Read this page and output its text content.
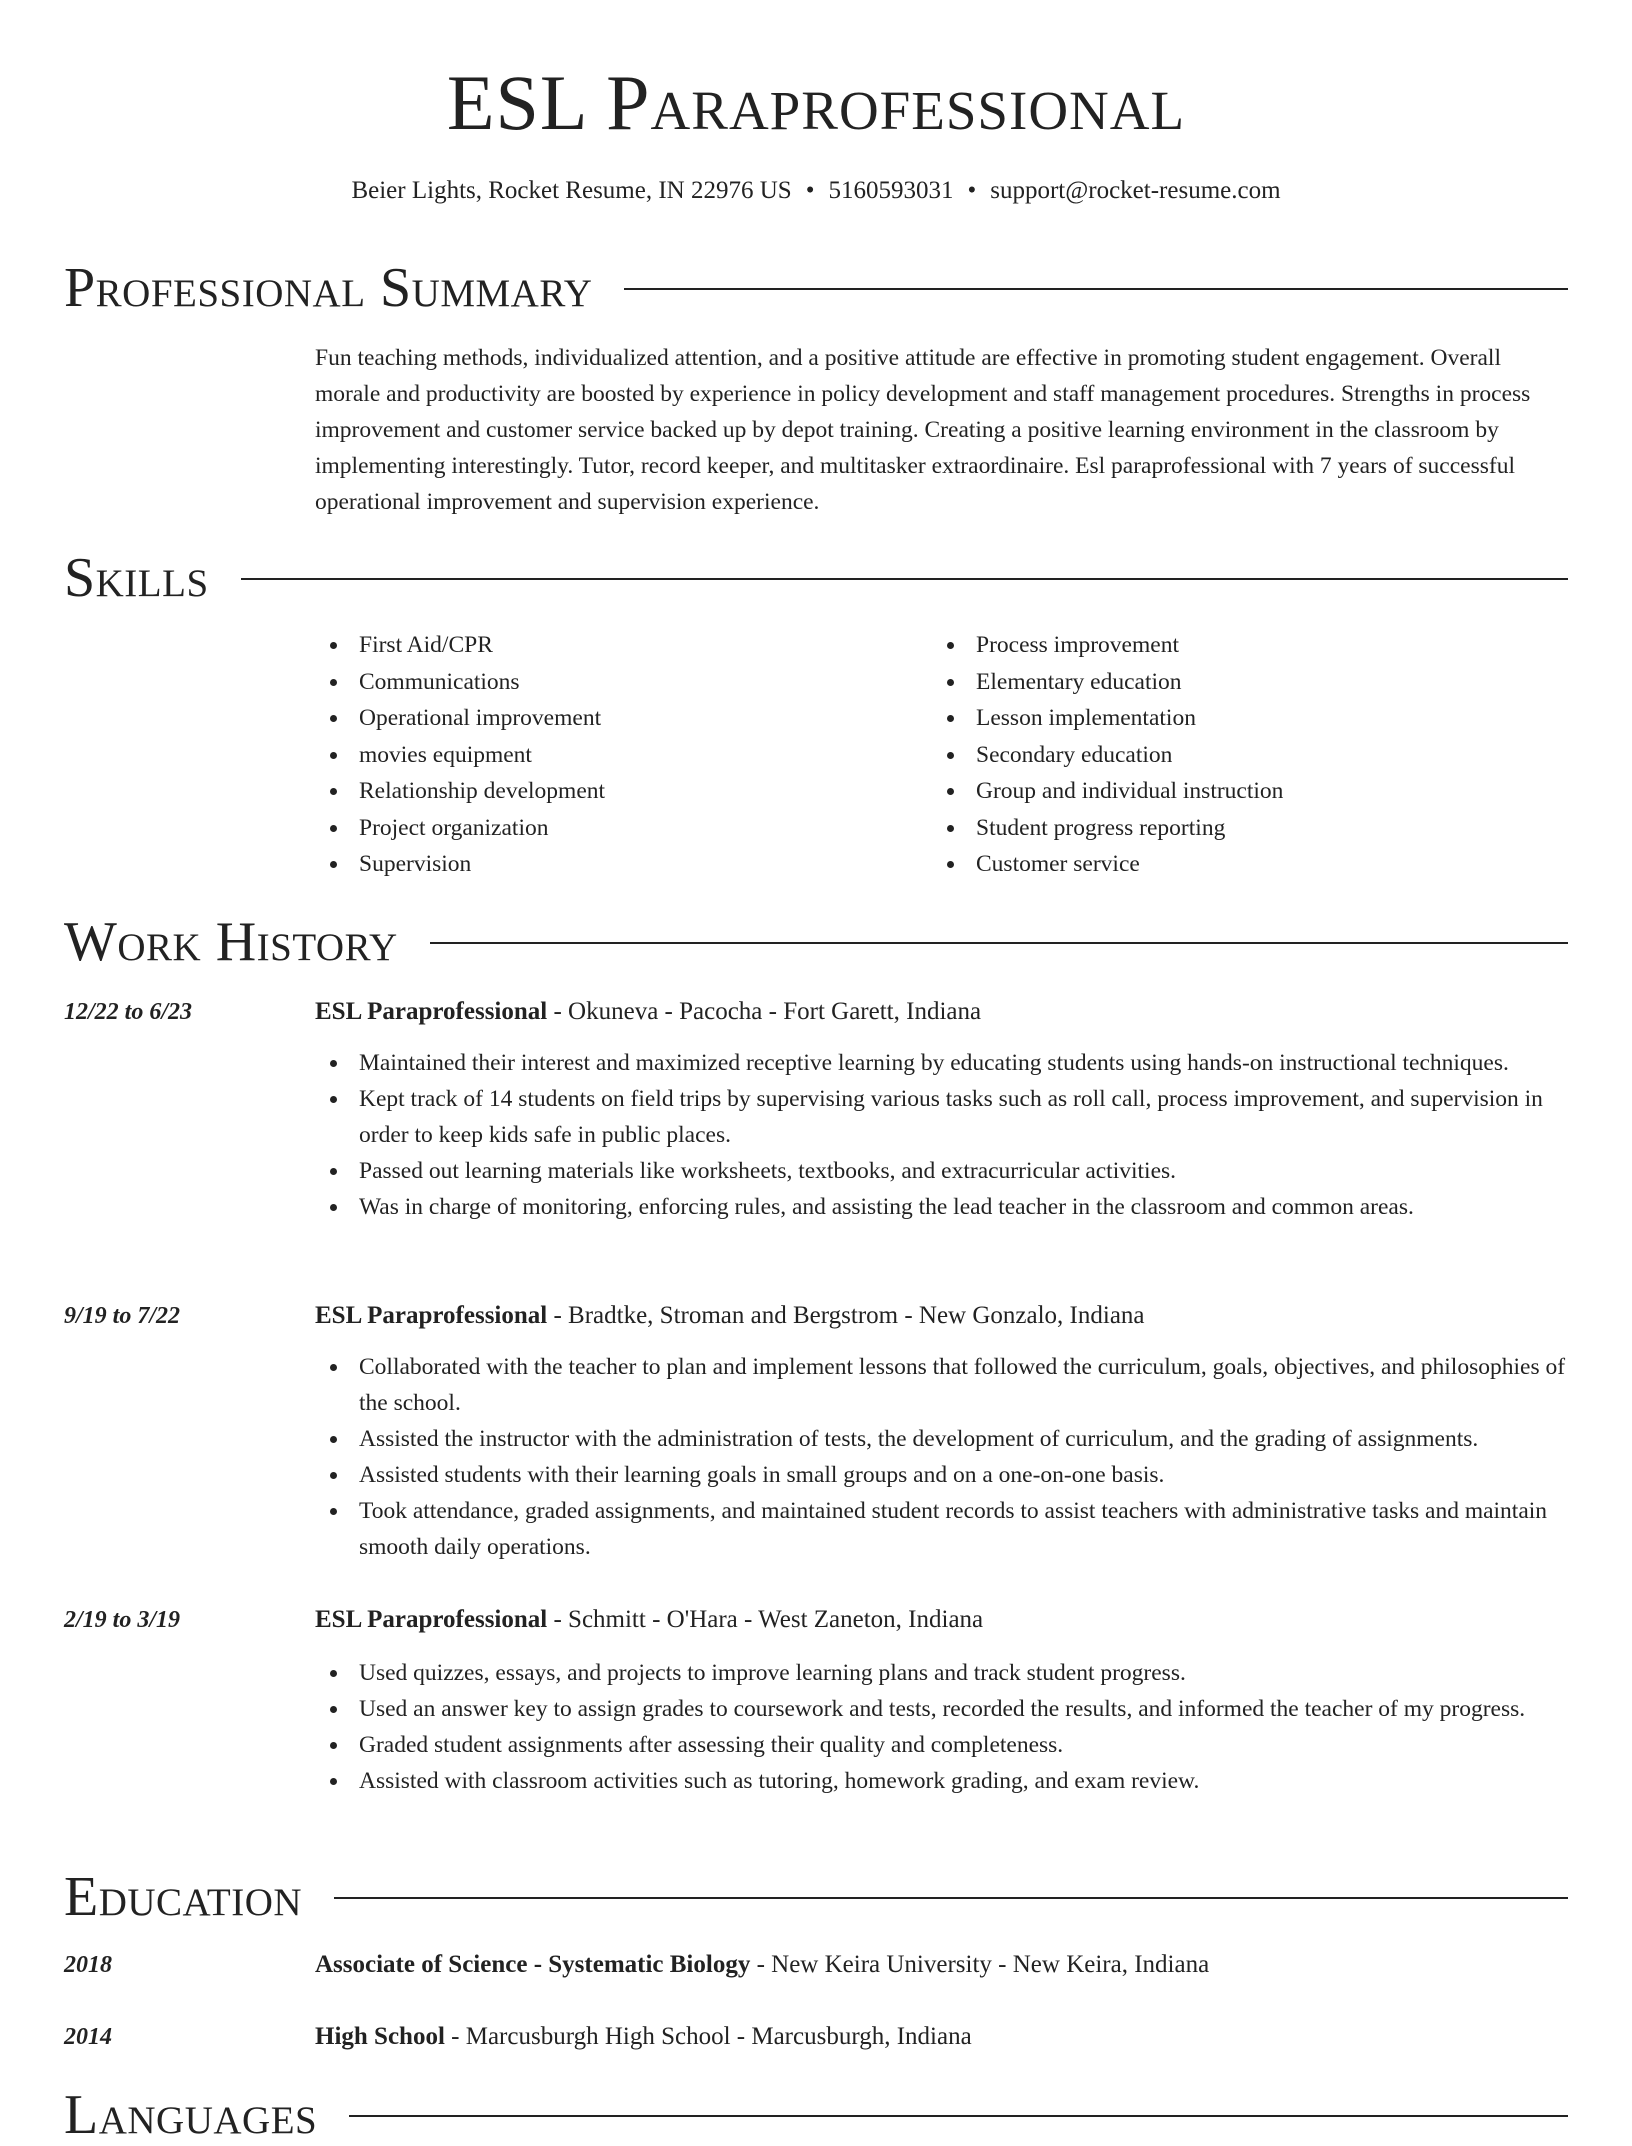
ESL Paraprofessional
Beier Lights, Rocket Resume, IN 22976 US • 5160593031 • support@rocket-resume.com
Professional Summary

Fun teaching methods, individualized attention, and a positive attitude are effective in promoting student engagement. Overall morale and productivity are boosted by experience in policy development and staff management procedures. Strengths in process improvement and customer service backed up by depot training. Creating a positive learning environment in the classroom by implementing interestingly. Tutor, record keeper, and multitasker extraordinaire. Esl paraprofessional with 7 years of successful operational improvement and supervision experience.

Skills
First Aid/CPR
Communications
Operational improvement
movies equipment
Relationship development
Project organization
Supervision
Process improvement
Elementary education
Lesson implementation
Secondary education
Group and individual instruction
Student progress reporting
Customer service
Work History
12/22 to 6/23	ESL Paraprofessional - Okuneva - Pacocha - Fort Garett, Indiana
Maintained their interest and maximized receptive learning by educating students using hands-on instructional techniques.
Kept track of 14 students on field trips by supervising various tasks such as roll call, process improvement, and supervision in order to keep kids safe in public places.
Passed out learning materials like worksheets, textbooks, and extracurricular activities.
Was in charge of monitoring, enforcing rules, and assisting the lead teacher in the classroom and common areas.
9/19 to 7/22	ESL Paraprofessional - Bradtke, Stroman and Bergstrom - New Gonzalo, Indiana
Collaborated with the teacher to plan and implement lessons that followed the curriculum, goals, objectives, and philosophies of the school.
Assisted the instructor with the administration of tests, the development of curriculum, and the grading of assignments.
Assisted students with their learning goals in small groups and on a one-on-one basis.
Took attendance, graded assignments, and maintained student records to assist teachers with administrative tasks and maintain smooth daily operations.
2/19 to 3/19	ESL Paraprofessional - Schmitt - O'Hara - West Zaneton, Indiana
Used quizzes, essays, and projects to improve learning plans and track student progress.
Used an answer key to assign grades to coursework and tests, recorded the results, and informed the teacher of my progress.
Graded student assignments after assessing their quality and completeness.
Assisted with classroom activities such as tutoring, homework grading, and exam review.
Education
2018	Associate of Science - Systematic Biology - New Keira University - New Keira, Indiana
2014	High School - Marcusburgh High School - Marcusburgh, Indiana
Languages
